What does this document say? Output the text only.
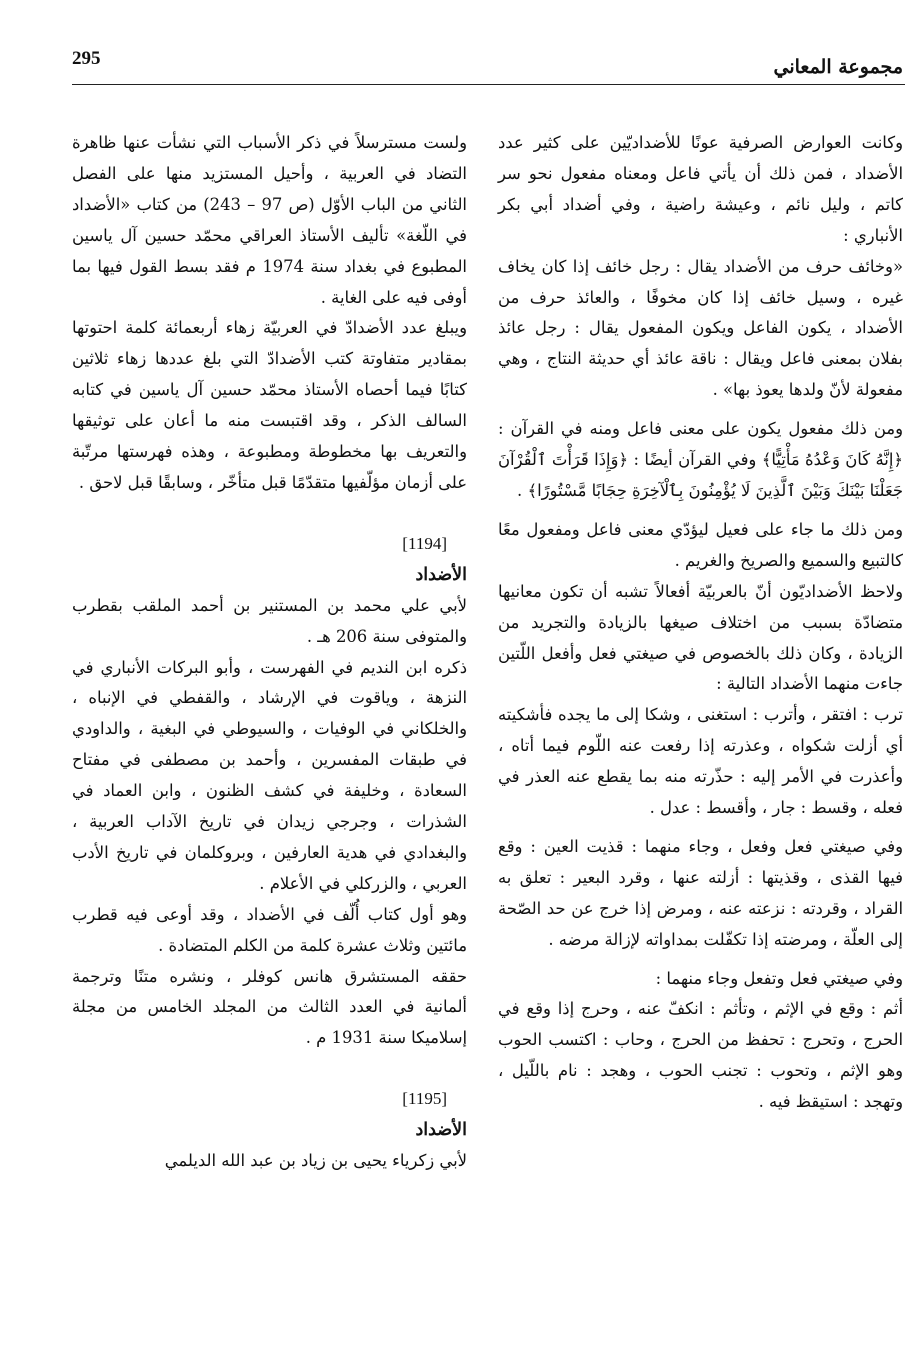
295	مجموعة المعاني

وكانت العوارض الصرفية عونًا للأضداديّين على كثير عدد الأضداد ، فمن ذلك أن يأتي فاعل ومعناه مفعول نحو سر كاتم ، وليل نائم ، وعيشة راضية ، وفي أضداد أبي بكر الأنباري :

«وخائف حرف من الأضداد يقال : رجل خائف إذا كان يخاف غيره ، وسيل خائف إذا كان مخوفًا ، والعائذ حرف من الأضداد ، يكون الفاعل ويكون المفعول يقال : رجل عائذ بفلان بمعنى فاعل ويقال : ناقة عائذ أي حديثة النتاج ، وهي مفعولة لأنّ ولدها يعوذ بها» .

ومن ذلك مفعول يكون على معنى فاعل ومنه في القرآن : ﴿إِنَّهُ كَانَ وَعْدُهُ مَأْتِيًّا﴾ وفي القرآن أيضًا : ﴿وَإِذَا قَرَأْتَ ٱلْقُرْآنَ جَعَلْنَا بَيْنَكَ وَبَيْنَ ٱلَّذِينَ لَا يُؤْمِنُونَ بِٱلْآخِرَةِ حِجَابًا مَّسْتُورًا﴾ .

ومن ذلك ما جاء على فعيل ليؤدّي معنى فاعل ومفعول معًا كالتبيع والسميع والصريخ والغريم .

ولاحظ الأضداديّون أنّ بالعربيّة أفعالاً تشبه أن تكون معانيها متضادّة بسبب من اختلاف صيغها بالزيادة والتجريد من الزيادة ، وكان ذلك بالخصوص في صيغتي فعل وأفعل اللّتين جاءت منهما الأضداد التالية :

ترب : افتقر ، وأترب : استغنى ، وشكا إلى ما يجده فأشكيته أي أزلت شكواه ، وعذرته إذا رفعت عنه اللّوم فيما أتاه ، وأعذرت في الأمر إليه : حذّرته منه بما يقطع عنه العذر في فعله ، وقسط : جار ، وأقسط : عدل .

وفي صيغتي فعل وفعل ، وجاء منهما : قذيت العين : وقع فيها القذى ، وقذيتها : أزلته عنها ، وقرد البعير : تعلق به القراد ، وقردته : نزعته عنه ، ومرض إذا خرج عن حد الصّحة إلى العلّة ، ومرضته إذا تكفّلت بمداواته لإزالة مرضه .

وفي صيغتي فعل وتفعل وجاء منهما :

أثم : وقع في الإثم ، وتأثم : انكفّ عنه ، وحرج إذا وقع في الحرج ، وتحرج : تحفظ من الحرج ، وحاب : اكتسب الحوب وهو الإثم ، وتحوب : تجنب الحوب ، وهجد : نام باللّيل ، وتهجد : استيقظ فيه .

ولست مسترسلاً في ذكر الأسباب التي نشأت عنها ظاهرة التضاد في العربية ، وأحيل المستزيد منها على الفصل الثاني من الباب الأوّل (ص 97 – 243) من كتاب «الأضداد في اللّغة» تأليف الأستاذ العراقي محمّد حسين آل ياسين المطبوع في بغداد سنة 1974 م فقد بسط القول فيها بما أوفى فيه على الغاية .

ويبلغ عدد الأضدادّ في العربيّة زهاء أربعمائة كلمة احتوتها بمقادير متفاوتة كتب الأضدادّ التي بلغ عددها زهاء ثلاثين كتابًا فيما أحصاه الأستاذ محمّد حسين آل ياسين في كتابه السالف الذكر ، وقد اقتبست منه ما أعان على توثيقها والتعريف بها مخطوطة ومطبوعة ، وهذه فهرستها مرتّبة على أزمان مؤلّفيها متقدّمًا قبل متأخّر ، وسابقًا قبل لاحق .

[1194]

الأضداد

لأبي علي محمد بن المستنير بن أحمد الملقب بقطرب والمتوفى سنة 206 هـ .

ذكره ابن النديم في الفهرست ، وأبو البركات الأنباري في النزهة ، وياقوت في الإرشاد ، والقفطي في الإنباه ، والخلكاني في الوفيات ، والسيوطي في البغية ، والداودي في طبقات المفسرين ، وأحمد بن مصطفى في مفتاح السعادة ، وخليفة في كشف الظنون ، وابن العماد في الشذرات ، وجرجي زيدان في تاريخ الآداب العربية ، والبغدادي في هدية العارفين ، وبروكلمان في تاريخ الأدب العربي ، والزركلي في الأعلام .

وهو أول كتاب أُلّف في الأضداد ، وقد أوعى فيه قطرب مائتين وثلاث عشرة كلمة من الكلم المتضادة .

حققه المستشرق هانس كوفلر ، ونشره متنًا وترجمة ألمانية في العدد الثالث من المجلد الخامس من مجلة إسلاميكا سنة 1931 م .

[1195]

الأضداد

لأبي زكرياء يحيى بن زياد بن عبد الله الديلمي
